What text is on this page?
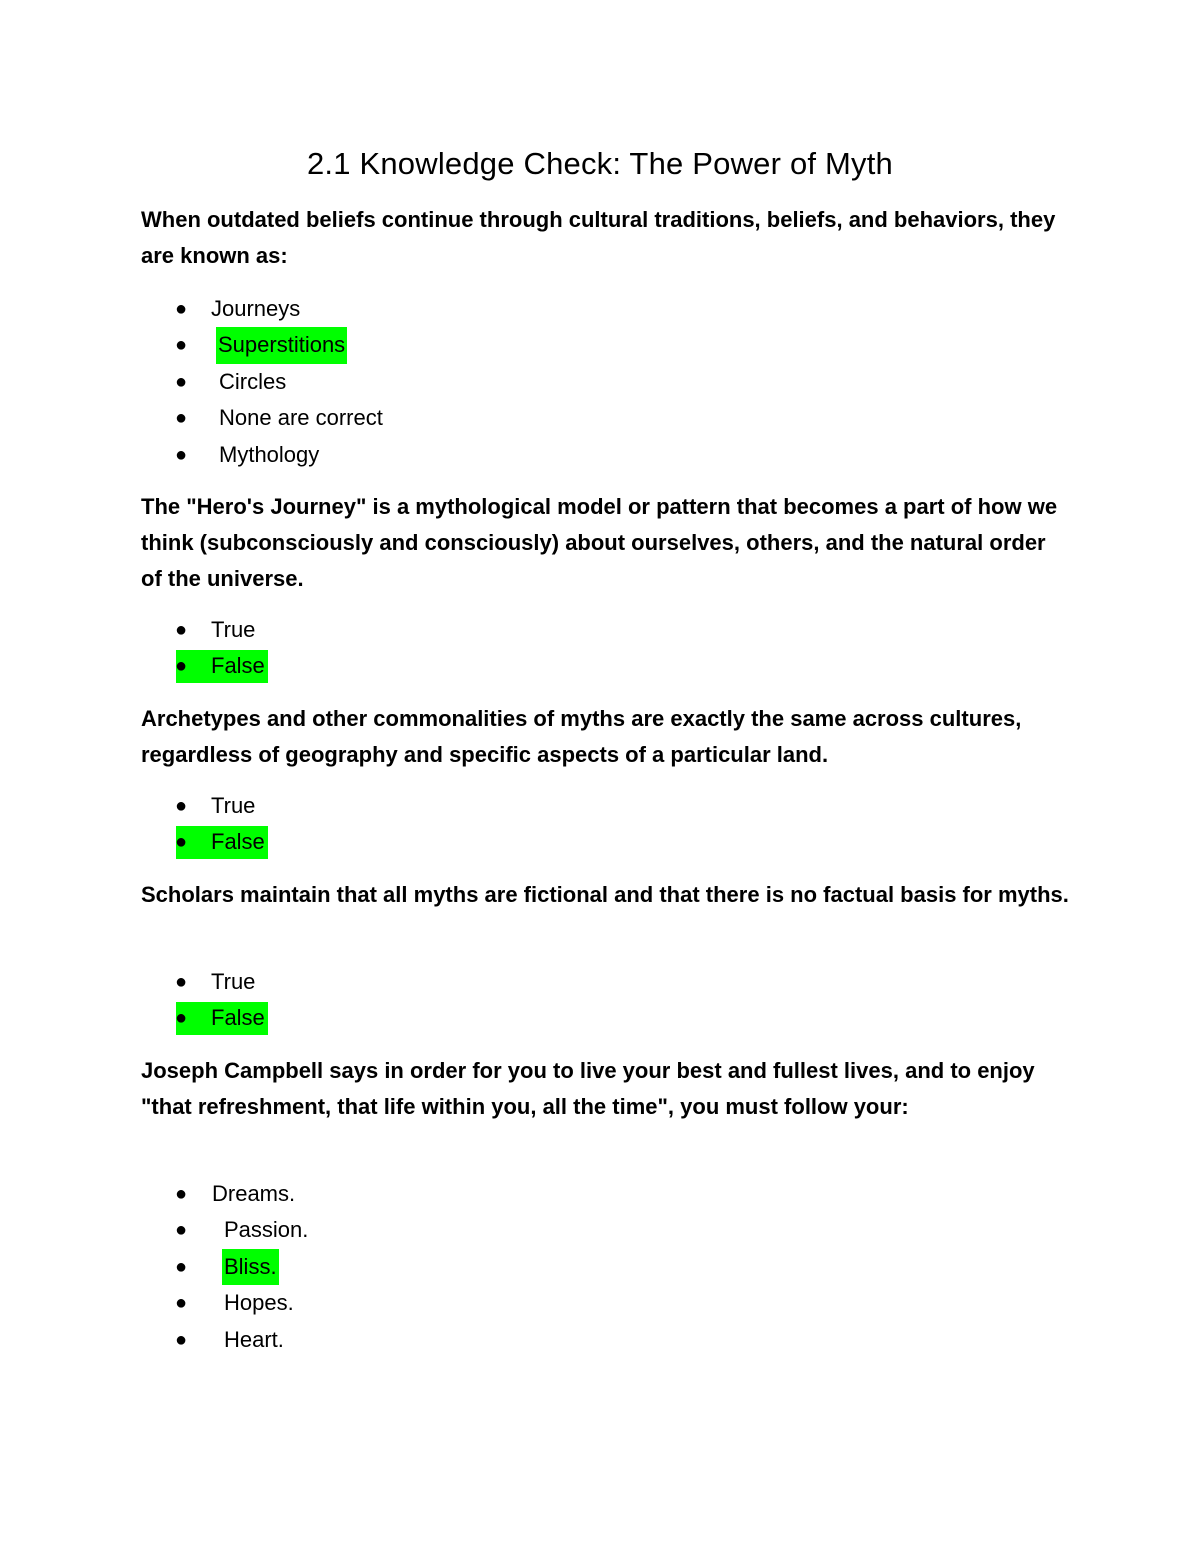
2.1 Knowledge Check: The Power of Myth

When outdated beliefs continue through cultural traditions, beliefs, and behaviors, they are known as:

● Journeys
● Superstitions
● Circles
● None are correct
● Mythology

The "Hero's Journey" is a mythological model or pattern that becomes a part of how we think (subconsciously and consciously) about ourselves, others, and the natural order of the universe.

● True
● False

Archetypes and other commonalities of myths are exactly the same across cultures, regardless of geography and specific aspects of a particular land.

● True
● False

Scholars maintain that all myths are fictional and that there is no factual basis for myths.

● True
● False

Joseph Campbell says in order for you to live your best and fullest lives, and to enjoy "that refreshment, that life within you, all the time", you must follow your:

● Dreams.
● Passion.
● Bliss.
● Hopes.
● Heart.
